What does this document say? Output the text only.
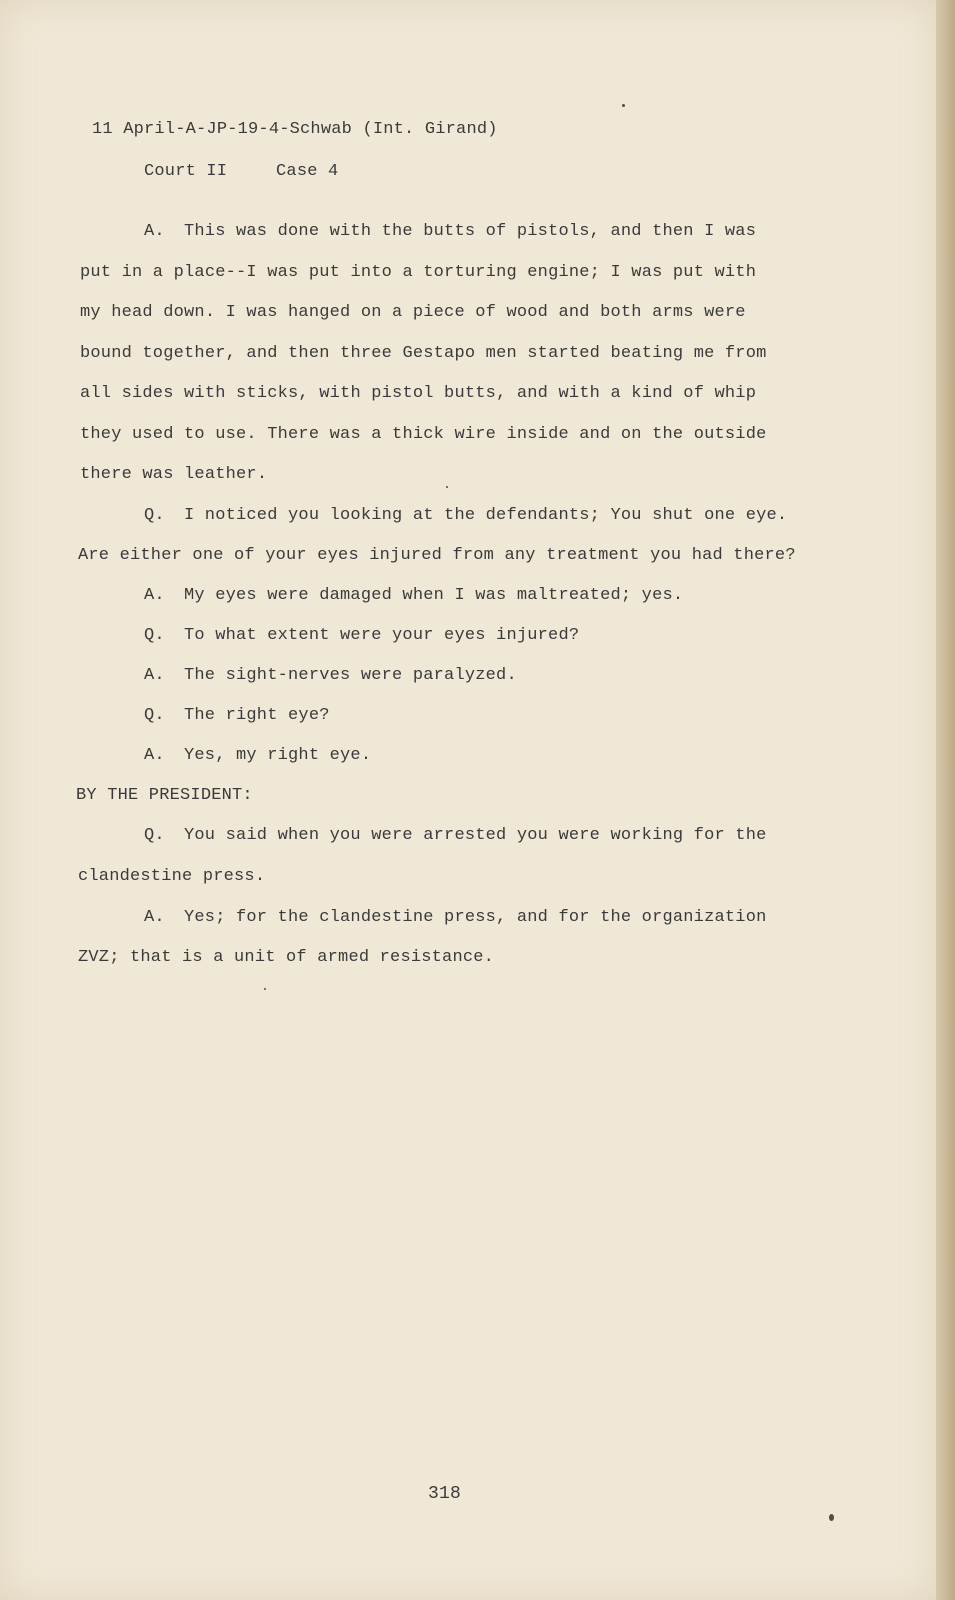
11 April-A-JP-19-4-Schwab (Int. Girand)
Court II	Case 4
A. This was done with the butts of pistols, and then I was
put in a place--I was put into a torturing engine; I was put with
my head down. I was hanged on a piece of wood and both arms were
bound together, and then three Gestapo men started beating me from
all sides with sticks, with pistol butts, and with a kind of whip
they used to use. There was a thick wire inside and on the outside
there was leather.
Q. I noticed you looking at the defendants; You shut one eye.
Are either one of your eyes injured from any treatment you had there?
A. My eyes were damaged when I was maltreated; yes.
Q. To what extent were your eyes injured?
A. The sight-nerves were paralyzed.
Q. The right eye?
A. Yes, my right eye.
BY THE PRESIDENT:
Q. You said when you were arrested you were working for the
clandestine press.
A. Yes; for the clandestine press, and for the organization
ZVZ; that is a unit of armed resistance.
318
